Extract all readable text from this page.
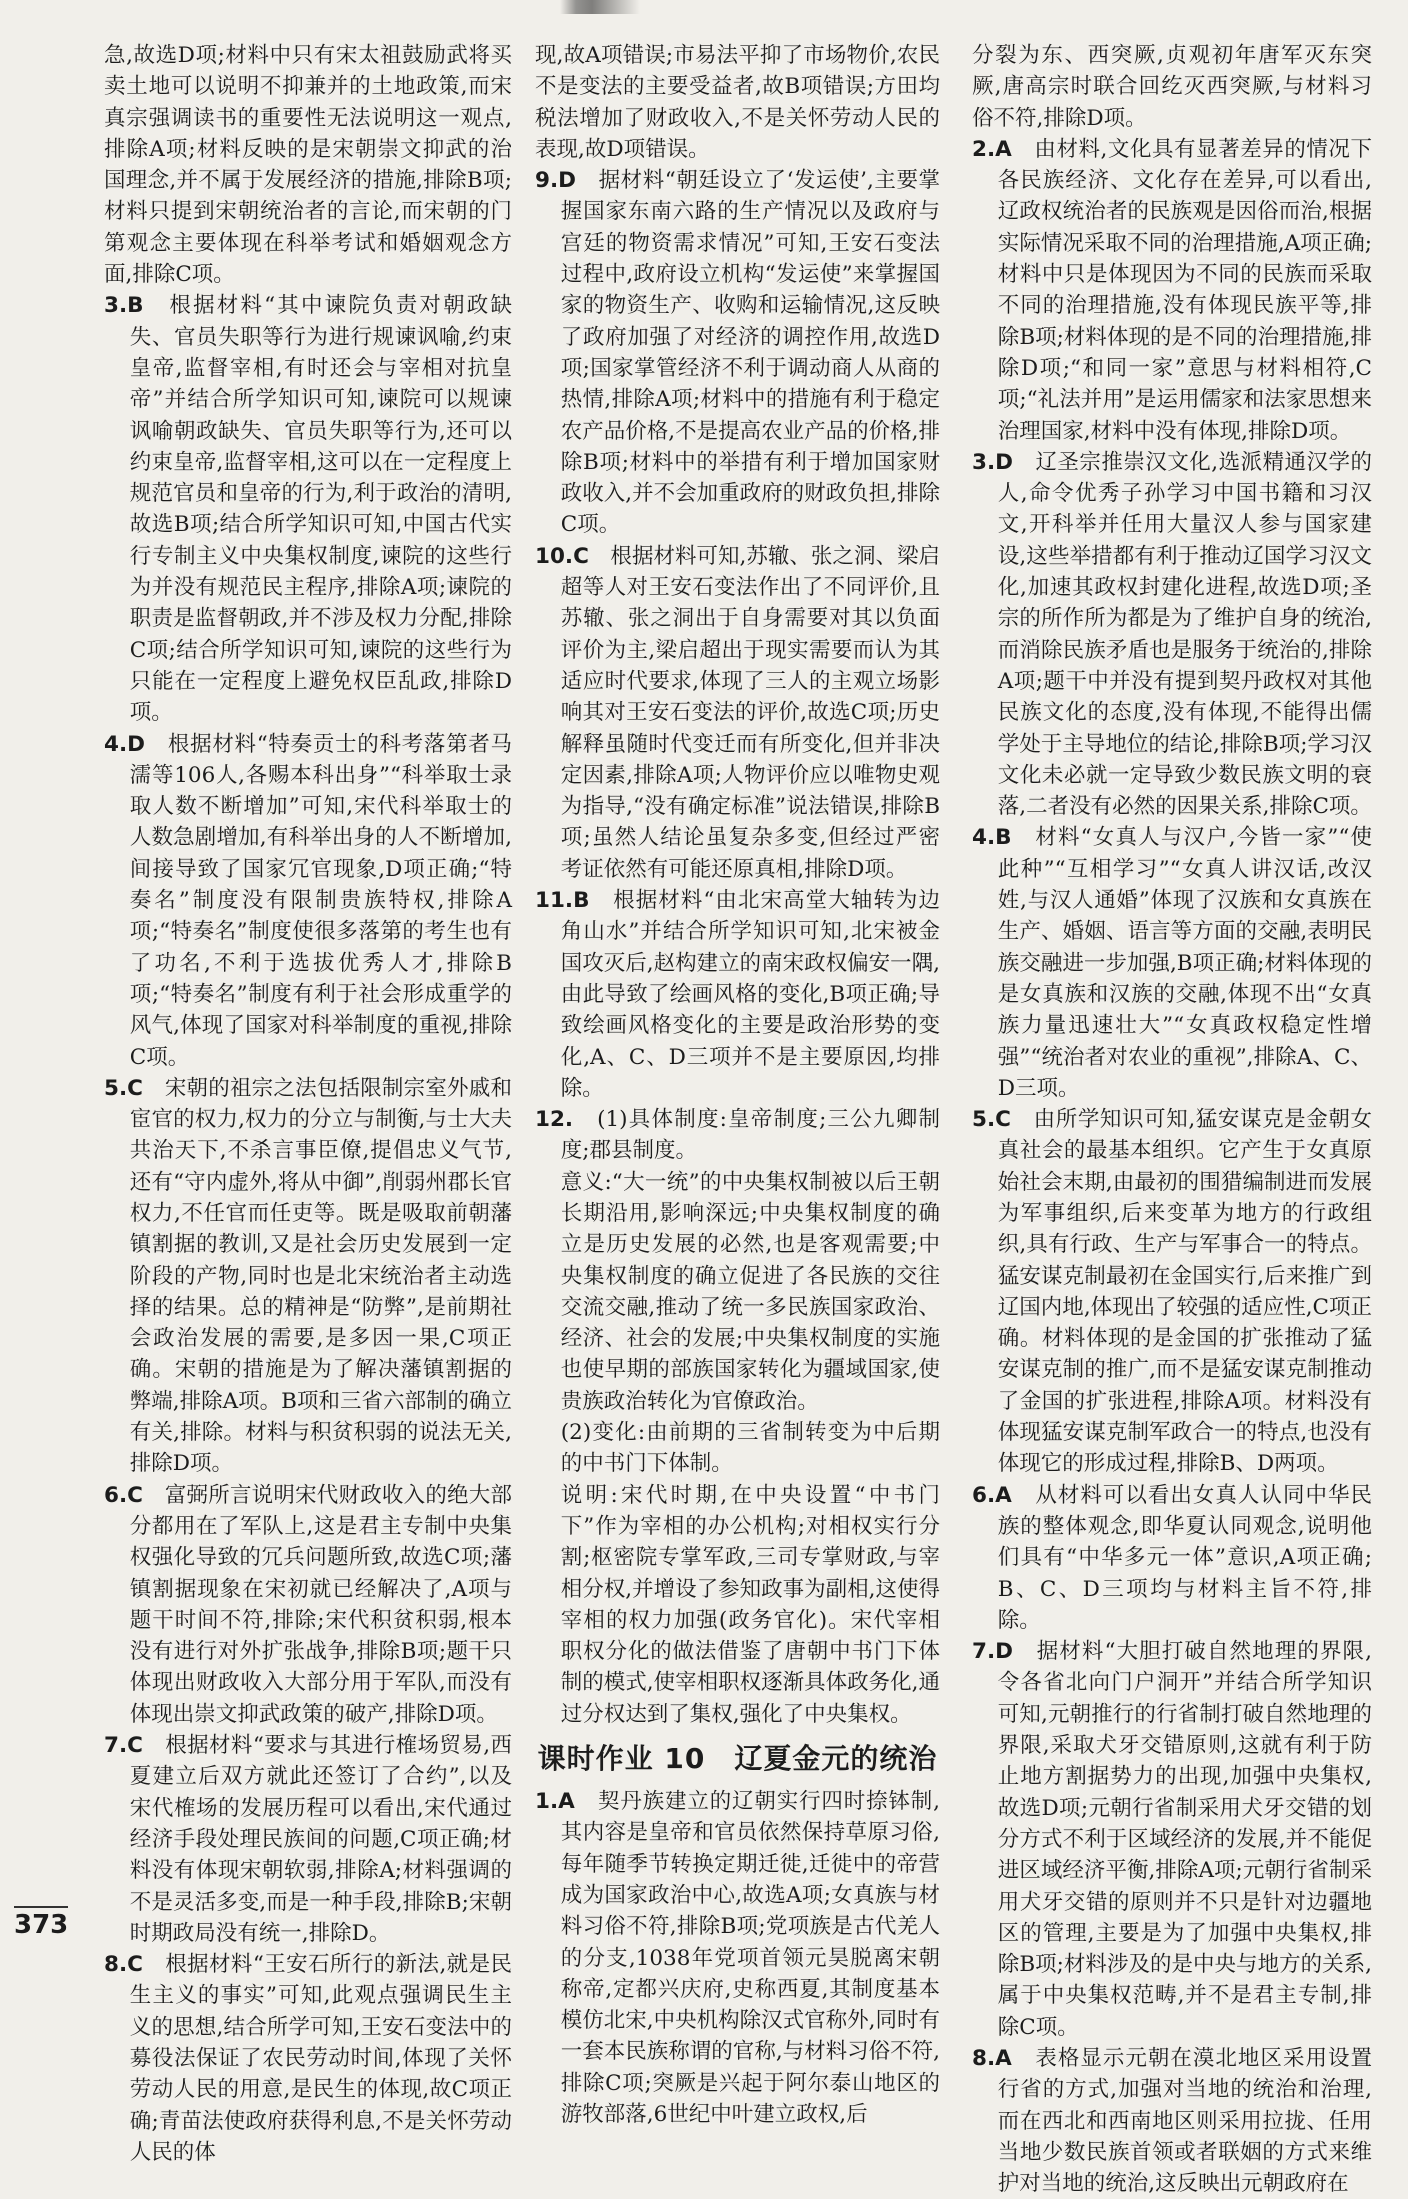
急,故选D项;材料中只有宋太祖鼓励武将买卖土地可以说明不抑兼并的土地政策,而宋真宗强调读书的重要性无法说明这一观点,排除A项;材料反映的是宋朝崇文抑武的治国理念,并不属于发展经济的措施,排除B项;材料只提到宋朝统治者的言论,而宋朝的门第观念主要体现在科举考试和婚姻观念方面,排除C项。

3.B　 根据材料“其中谏院负责对朝政缺失、官员失职等行为进行规谏讽喻,约束皇帝,监督宰相,有时还会与宰相对抗皇帝”并结合所学知识可知,谏院可以规谏讽喻朝政缺失、官员失职等行为,还可以约束皇帝,监督宰相,这可以在一定程度上规范官员和皇帝的行为,利于政治的清明,故选B项;结合所学知识可知,中国古代实行专制主义中央集权制度,谏院的这些行为并没有规范民主程序,排除A项;谏院的职责是监督朝政,并不涉及权力分配,排除C项;结合所学知识可知,谏院的这些行为只能在一定程度上避免权臣乱政,排除D项。

4.D　 根据材料“特奏贡士的科考落第者马濡等106人,各赐本科出身”“科举取士录取人数不断增加”可知,宋代科举取士的人数急剧增加,有科举出身的人不断增加,间接导致了国家冗官现象,D项正确;“特奏名”制度没有限制贵族特权,排除A项;“特奏名”制度使很多落第的考生也有了功名,不利于选拔优秀人才,排除B项;“特奏名”制度有利于社会形成重学的风气,体现了国家对科举制度的重视,排除C项。

5.C　 宋朝的祖宗之法包括限制宗室外戚和宦官的权力,权力的分立与制衡,与士大夫共治天下,不杀言事臣僚,提倡忠义气节,还有“守内虚外,将从中御”,削弱州郡长官权力,不任官而任吏等。既是吸取前朝藩镇割据的教训,又是社会历史发展到一定阶段的产物,同时也是北宋统治者主动选择的结果。总的精神是“防弊”,是前期社会政治发展的需要,是多因一果,C项正确。宋朝的措施是为了解决藩镇割据的弊端,排除A项。B项和三省六部制的确立有关,排除。材料与积贫积弱的说法无关,排除D项。

6.C　 富弼所言说明宋代财政收入的绝大部分都用在了军队上,这是君主专制中央集权强化导致的冗兵问题所致,故选C项;藩镇割据现象在宋初就已经解决了,A项与题干时间不符,排除;宋代积贫积弱,根本没有进行对外扩张战争,排除B项;题干只体现出财政收入大部分用于军队,而没有体现出崇文抑武政策的破产,排除D项。

7.C　 根据材料“要求与其进行榷场贸易,西夏建立后双方就此还签订了合约”,以及宋代榷场的发展历程可以看出,宋代通过经济手段处理民族间的问题,C项正确;材料没有体现宋朝软弱,排除A;材料强调的不是灵活多变,而是一种手段,排除B;宋朝时期政局没有统一,排除D。

8.C　 根据材料“王安石所行的新法,就是民生主义的事实”可知,此观点强调民生主义的思想,结合所学可知,王安石变法中的募役法保证了农民劳动时间,体现了关怀劳动人民的用意,是民生的体现,故C项正确;青苗法使政府获得利息,不是关怀劳动人民的体

现,故A项错误;市易法平抑了市场物价,农民不是变法的主要受益者,故B项错误;方田均税法增加了财政收入,不是关怀劳动人民的表现,故D项错误。

9.D　 据材料“朝廷设立了‘发运使’,主要掌握国家东南六路的生产情况以及政府与宫廷的物资需求情况”可知,王安石变法过程中,政府设立机构“发运使”来掌握国家的物资生产、收购和运输情况,这反映了政府加强了对经济的调控作用,故选D项;国家掌管经济不利于调动商人从商的热情,排除A项;材料中的措施有利于稳定农产品价格,不是提高农业产品的价格,排除B项;材料中的举措有利于增加国家财政收入,并不会加重政府的财政负担,排除C项。

10.C　 根据材料可知,苏辙、张之洞、梁启超等人对王安石变法作出了不同评价,且苏辙、张之洞出于自身需要对其以负面评价为主,梁启超出于现实需要而认为其适应时代要求,体现了三人的主观立场影响其对王安石变法的评价,故选C项;历史解释虽随时代变迁而有所变化,但并非决定因素,排除A项;人物评价应以唯物史观为指导,“没有确定标准”说法错误,排除B项;虽然人结论虽复杂多变,但经过严密考证依然有可能还原真相,排除D项。

11.B　 根据材料“由北宋高堂大轴转为边角山水”并结合所学知识可知,北宋被金国攻灭后,赵构建立的南宋政权偏安一隅,由此导致了绘画风格的变化,B项正确;导致绘画风格变化的主要是政治形势的变化,A、C、D三项并不是主要原因,均排除。

12.　 (1)具体制度:皇帝制度;三公九卿制度;郡县制度。

意义:“大一统”的中央集权制被以后王朝长期沿用,影响深远;中央集权制度的确立是历史发展的必然,也是客观需要;中央集权制度的确立促进了各民族的交往交流交融,推动了统一多民族国家政治、经济、社会的发展;中央集权制度的实施也使早期的部族国家转化为疆域国家,使贵族政治转化为官僚政治。

(2)变化:由前期的三省制转变为中后期的中书门下体制。

说明:宋代时期,在中央设置“中书门下”作为宰相的办公机构;对相权实行分割;枢密院专掌军政,三司专掌财政,与宰相分权,并增设了参知政事为副相,这使得宰相的权力加强(政务官化)。宋代宰相职权分化的做法借鉴了唐朝中书门下体制的模式,使宰相职权逐渐具体政务化,通过分权达到了集权,强化了中央集权。

课时作业 10　辽夏金元的统治

1.A　 契丹族建立的辽朝实行四时捺钵制,其内容是皇帝和官员依然保持草原习俗,每年随季节转换定期迁徙,迁徙中的帝营成为国家政治中心,故选A项;女真族与材料习俗不符,排除B项;党项族是古代羌人的分支,1038年党项首领元昊脱离宋朝称帝,定都兴庆府,史称西夏,其制度基本模仿北宋,中央机构除汉式官称外,同时有一套本民族称谓的官称,与材料习俗不符,排除C项;突厥是兴起于阿尔泰山地区的游牧部落,6世纪中叶建立政权,后

分裂为东、西突厥,贞观初年唐军灭东突厥,唐高宗时联合回纥灭西突厥,与材料习俗不符,排除D项。

2.A　 由材料,文化具有显著差异的情况下各民族经济、文化存在差异,可以看出,辽政权统治者的民族观是因俗而治,根据实际情况采取不同的治理措施,A项正确;材料中只是体现因为不同的民族而采取不同的治理措施,没有体现民族平等,排除B项;材料体现的是不同的治理措施,排除D项;“和同一家”意思与材料相符,C项;“礼法并用”是运用儒家和法家思想来治理国家,材料中没有体现,排除D项。

3.D　 辽圣宗推崇汉文化,选派精通汉学的人,命令优秀子孙学习中国书籍和习汉文,开科举并任用大量汉人参与国家建设,这些举措都有利于推动辽国学习汉文化,加速其政权封建化进程,故选D项;圣宗的所作所为都是为了维护自身的统治,而消除民族矛盾也是服务于统治的,排除A项;题干中并没有提到契丹政权对其他民族文化的态度,没有体现,不能得出儒学处于主导地位的结论,排除B项;学习汉文化未必就一定导致少数民族文明的衰落,二者没有必然的因果关系,排除C项。

4.B　 材料“女真人与汉户,今皆一家”“使此种”“互相学习”“女真人讲汉话,改汉姓,与汉人通婚”体现了汉族和女真族在生产、婚姻、语言等方面的交融,表明民族交融进一步加强,B项正确;材料体现的是女真族和汉族的交融,体现不出“女真族力量迅速壮大”“女真政权稳定性增强”“统治者对农业的重视”,排除A、C、D三项。

5.C　 由所学知识可知,猛安谋克是金朝女真社会的最基本组织。它产生于女真原始社会末期,由最初的围猎编制进而发展为军事组织,后来变革为地方的行政组织,具有行政、生产与军事合一的特点。猛安谋克制最初在金国实行,后来推广到辽国内地,体现出了较强的适应性,C项正确。材料体现的是金国的扩张推动了猛安谋克制的推广,而不是猛安谋克制推动了金国的扩张进程,排除A项。材料没有体现猛安谋克制军政合一的特点,也没有体现它的形成过程,排除B、D两项。

6.A　 从材料可以看出女真人认同中华民族的整体观念,即华夏认同观念,说明他们具有“中华多元一体”意识,A项正确;B、C、D三项均与材料主旨不符,排除。

7.D　 据材料“大胆打破自然地理的界限,令各省北向门户洞开”并结合所学知识可知,元朝推行的行省制打破自然地理的界限,采取犬牙交错原则,这就有利于防止地方割据势力的出现,加强中央集权,故选D项;元朝行省制采用犬牙交错的划分方式不利于区域经济的发展,并不能促进区域经济平衡,排除A项;元朝行省制采用犬牙交错的原则并不只是针对边疆地区的管理,主要是为了加强中央集权,排除B项;材料涉及的是中央与地方的关系,属于中央集权范畴,并不是君主专制,排除C项。

8.A　 表格显示元朝在漠北地区采用设置行省的方式,加强对当地的统治和治理,而在西北和西南地区则采用拉拢、任用当地少数民族首领或者联姻的方式来维护对当地的统治,这反映出元朝政府在

373
